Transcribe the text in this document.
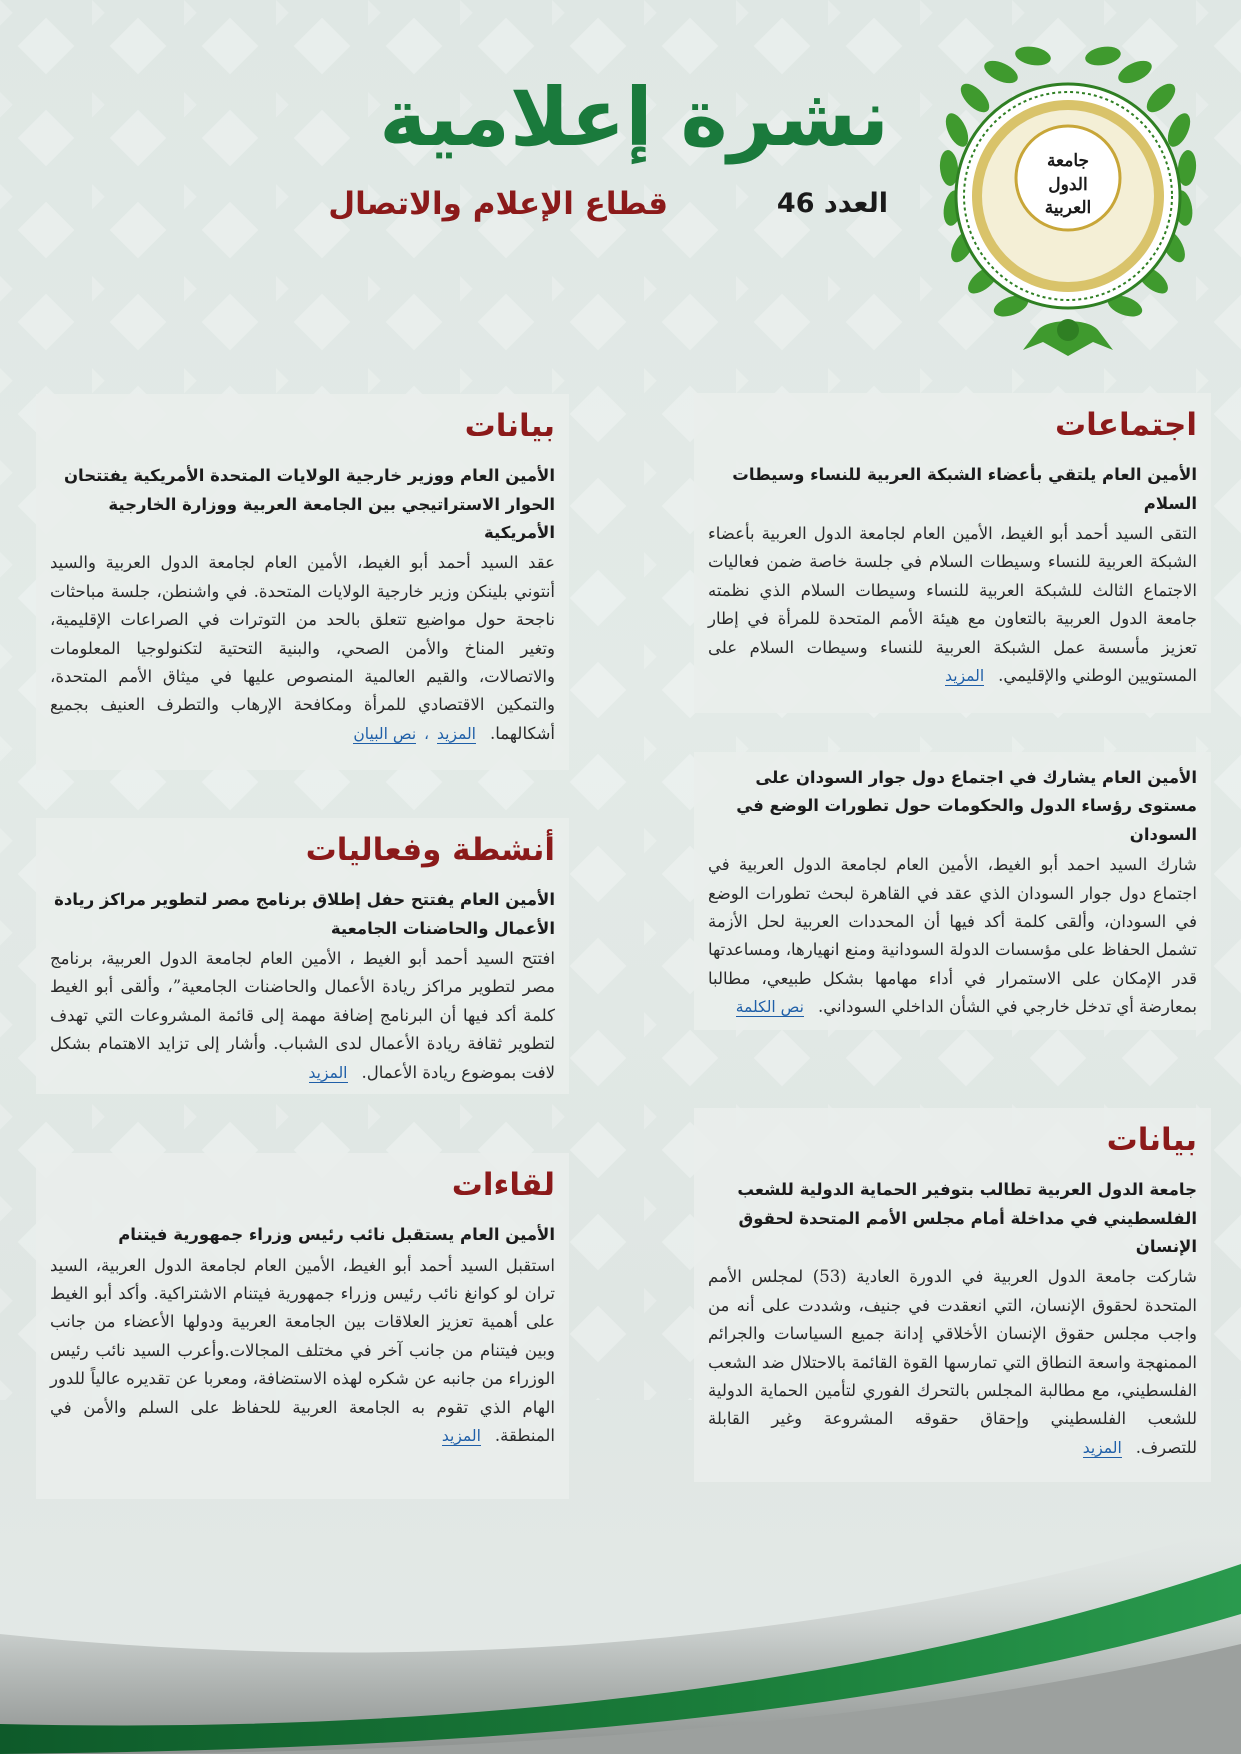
جامعة
الدول
العربية
نشرة إعلامية
العدد 46
قطاع الإعلام والاتصال
اجتماعات
الأمين العام يلتقي بأعضاء الشبكة العربية للنساء وسيطات السلام

التقى السيد أحمد أبو الغيط، الأمين العام لجامعة الدول العربية بأعضاء الشبكة العربية للنساء وسيطات السلام في جلسة خاصة ضمن فعاليات الاجتماع الثالث للشبكة العربية للنساء وسيطات السلام الذي نظمته جامعة الدول العربية بالتعاون مع هيئة الأمم المتحدة للمرأة في إطار تعزيز مأسسة عمل الشبكة العربية للنساء وسيطات السلام على المستويين الوطني والإقليمي.المزيد

الأمين العام يشارك في اجتماع دول جوار السودان على مستوى رؤساء الدول والحكومات حول تطورات الوضع في السودان

شارك السيد احمد أبو الغيط، الأمين العام لجامعة الدول العربية في اجتماع دول جوار السودان الذي عقد في القاهرة لبحث تطورات الوضع في السودان، وألقى كلمة أكد فيها أن المحددات العربية لحل الأزمة تشمل الحفاظ على مؤسسات الدولة السودانية ومنع انهيارها، ومساعدتها قدر الإمكان على الاستمرار في أداء مهامها بشكل طبيعي، مطالبا بمعارضة أي تدخل خارجي في الشأن الداخلي السوداني.نص الكلمة

بيانات
جامعة الدول العربية تطالب بتوفير الحماية الدولية للشعب الفلسطيني في مداخلة أمام مجلس الأمم المتحدة لحقوق الإنسان

شاركت جامعة الدول العربية في الدورة العادية (53) لمجلس الأمم المتحدة لحقوق الإنسان، التي انعقدت في جنيف، وشددت على أنه من واجب مجلس حقوق الإنسان الأخلاقي إدانة جميع السياسات والجرائم الممنهجة واسعة النطاق التي تمارسها القوة القائمة بالاحتلال ضد الشعب الفلسطيني، مع مطالبة المجلس بالتحرك الفوري لتأمين الحماية الدولية للشعب الفلسطيني وإحقاق حقوقه المشروعة وغير القابلة للتصرف.المزيد

بيانات
الأمين العام ووزير خارجية الولايات المتحدة الأمريكية يفتتحان الحوار الاستراتيجي بين الجامعة العربية ووزارة الخارجية الأمريكية

عقد السيد أحمد أبو الغيط، الأمين العام لجامعة الدول العربية والسيد أنتوني بلينكن وزير خارجية الولايات المتحدة. في واشنطن، جلسة مباحثات ناجحة حول مواضيع تتعلق بالحد من التوترات في الصراعات الإقليمية، وتغير المناخ والأمن الصحي، والبنية التحتية لتكنولوجيا المعلومات والاتصالات، والقيم العالمية المنصوص عليها في ميثاق الأمم المتحدة، والتمكين الاقتصادي للمرأة ومكافحة الإرهاب والتطرف العنيف بجميع أشكالهما.المزيد،نص البيان

أنشطة وفعاليات
الأمين العام يفتتح حفل إطلاق برنامج مصر لتطوير مراكز ريادة الأعمال والحاضنات الجامعية

افتتح السيد أحمد أبو الغيط ، الأمين العام لجامعة الدول العربية، برنامج مصر لتطوير مراكز ريادة الأعمال والحاضنات الجامعية”، وألقى أبو الغيط كلمة أكد فيها أن البرنامج إضافة مهمة إلى قائمة المشروعات التي تهدف لتطوير ثقافة ريادة الأعمال لدى الشباب. وأشار إلى تزايد الاهتمام بشكل لافت بموضوع ريادة الأعمال.المزيد

لقاءات
الأمين العام يستقبل نائب رئيس وزراء جمهورية فيتنام

استقبل السيد أحمد أبو الغيط، الأمين العام لجامعة الدول العربية، السيد تران لو كوانغ نائب رئيس وزراء جمهورية فيتنام الاشتراكية. وأكد أبو الغيط على أهمية تعزيز العلاقات بين الجامعة العربية ودولها الأعضاء من جانب وبين فيتنام من جانب آخر في مختلف المجالات.وأعرب السيد نائب رئيس الوزراء من جانبه عن شكره لهذه الاستضافة، ومعربا عن تقديره عالياً للدور الهام الذي تقوم به الجامعة العربية للحفاظ على السلم والأمن في المنطقة.المزيد
